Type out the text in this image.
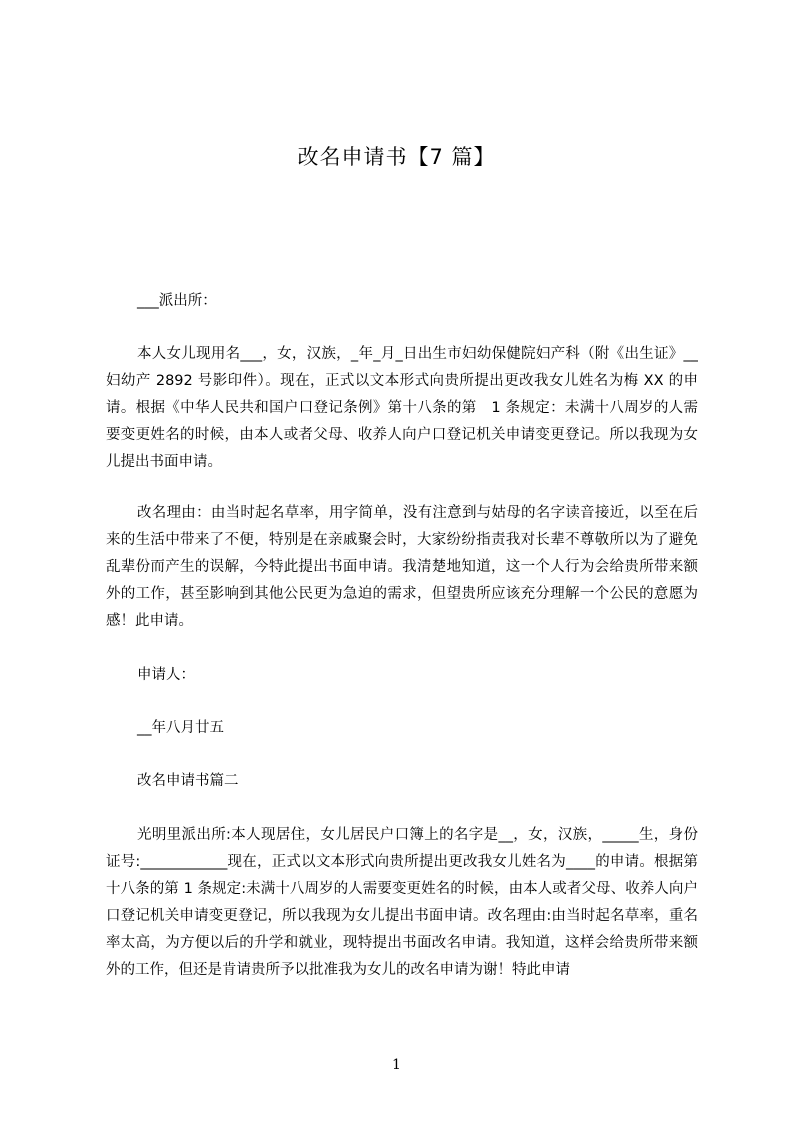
改名申请书【7 篇】
___派出所：
本人女儿现用名___，女，汉族，_年_月_日出生市妇幼保健院妇产科（附《出生证》__妇幼产 2892 号影印件）。现在，正式以文本形式向贵所提出更改我女儿姓名为梅 XX 的申请。根据《中华人民共和国户口登记条例》第十八条的第　1 条规定：未满十八周岁的人需要变更姓名的时候，由本人或者父母、收养人向户口登记机关申请变更登记。所以我现为女儿提出书面申请。
改名理由：由当时起名草率，用字简单，没有注意到与姑母的名字读音接近，以至在后来的生活中带来了不便，特别是在亲戚聚会时，大家纷纷指责我对长辈不尊敬所以为了避免乱辈份而产生的误解，今特此提出书面申请。我清楚地知道，这一个人行为会给贵所带来额外的工作，甚至影响到其他公民更为急迫的需求，但望贵所应该充分理解一个公民的意愿为感！此申请。
申请人：
__年八月廿五
改名申请书篇二
光明里派出所:本人现居住，女儿居民户口簿上的名字是__，女，汉族，_____生，身份证号:____________现在，正式以文本形式向贵所提出更改我女儿姓名为____的申请。根据第十八条的第 1 条规定:未满十八周岁的人需要变更姓名的时候，由本人或者父母、收养人向户口登记机关申请变更登记，所以我现为女儿提出书面申请。改名理由:由当时起名草率，重名率太高，为方便以后的升学和就业，现特提出书面改名申请。我知道，这样会给贵所带来额外的工作，但还是肯请贵所予以批准我为女儿的改名申请为谢！特此申请
1
